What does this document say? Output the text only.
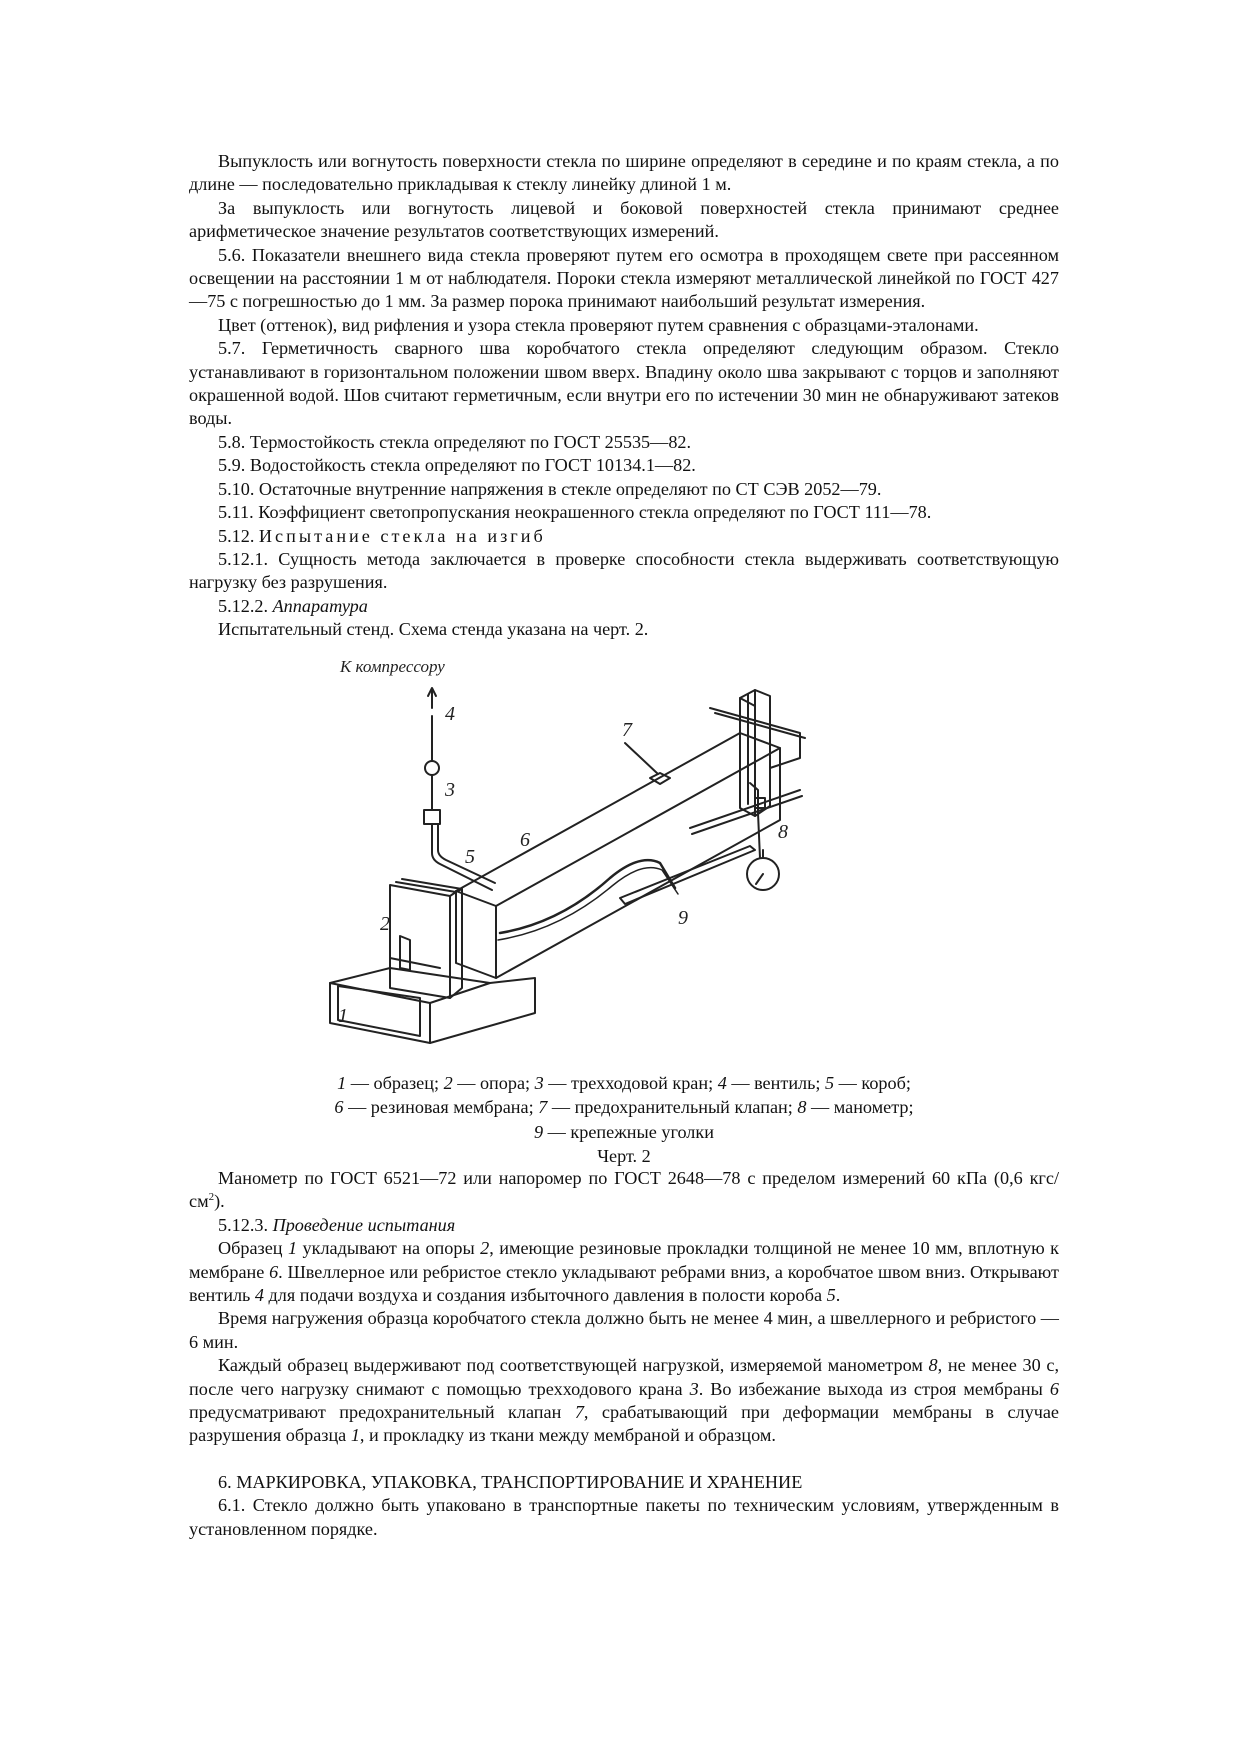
Выпуклость или вогнутость поверхности стекла по ширине определяют в середине и по краям стекла, а по длине — последовательно прикладывая к стеклу линейку длиной 1 м.

За выпуклость или вогнутость лицевой и боковой поверхностей стекла принимают среднее арифметическое значение результатов соответствующих измерений.

5.6. Показатели внешнего вида стекла проверяют путем его осмотра в проходящем свете при рассеянном освещении на расстоянии 1 м от наблюдателя. Пороки стекла измеряют металлической линейкой по ГОСТ 427—75 с погрешностью до 1 мм. За размер порока принимают наибольший результат измерения.

Цвет (оттенок), вид рифления и узора стекла проверяют путем сравнения с образцами-эталонами.

5.7. Герметичность сварного шва коробчатого стекла определяют следующим образом. Стекло устанавливают в горизонтальном положении швом вверх. Впадину около шва закрывают с торцов и заполняют окрашенной водой. Шов считают герметичным, если внутри его по истечении 30 мин не обнаруживают затеков воды.

5.8. Термостойкость стекла определяют по ГОСТ 25535—82.

5.9. Водостойкость стекла определяют по ГОСТ 10134.1—82.

5.10. Остаточные внутренние напряжения в стекле определяют по СТ СЭВ 2052—79.

5.11. Коэффициент светопропускания неокрашенного стекла определяют по ГОСТ 111—78.

5.12. Испытание стекла на изгиб

5.12.1. Сущность метода заключается в проверке способности стекла выдерживать соответствующую нагрузку без разрушения.

5.12.2. Аппаратура

Испытательный стенд. Схема стенда указана на черт. 2.

К компрессору
4
3
5
6
7
2
1
9
8
1 — образец; 2 — опора; 3 — трехходовой кран; 4 — вентиль; 5 — короб;
6 — резиновая мембрана; 7 — предохранительный клапан; 8 — манометр;
9 — крепежные уголки
Черт. 2

Манометр по ГОСТ 6521—72 или напоромер по ГОСТ 2648—78 с пределом измерений 60 кПа (0,6 кгс/$см^2$).

5.12.3. Проведение испытания

Образец 1 укладывают на опоры 2, имеющие резиновые прокладки толщиной не менее 10 мм, вплотную к мембране 6. Швеллерное или ребристое стекло укладывают ребрами вниз, а коробчатое швом вниз. Открывают вентиль 4 для подачи воздуха и создания избыточного давления в полости короба 5.

Время нагружения образца коробчатого стекла должно быть не менее 4 мин, а швеллерного и ребристого — 6 мин.

Каждый образец выдерживают под соответствующей нагрузкой, измеряемой манометром 8, не менее 30 с, после чего нагрузку снимают с помощью трехходового крана 3. Во избежание выхода из строя мембраны 6 предусматривают предохранительный клапан 7, срабатывающий при деформации мембраны в случае разрушения образца 1, и прокладку из ткани между мембраной и образцом.

6. МАРКИРОВКА, УПАКОВКА, ТРАНСПОРТИРОВАНИЕ И ХРАНЕНИЕ

6.1. Стекло должно быть упаковано в транспортные пакеты по техническим условиям, утвержденным в установленном порядке.
